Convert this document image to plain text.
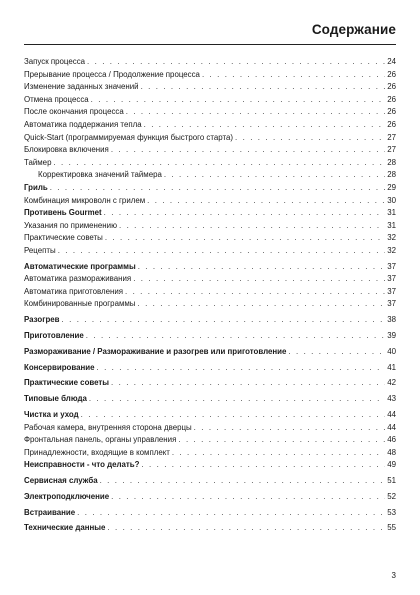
Содержание
Запуск процесса . . .	24
Прерывание процесса / Продолжение процесса . . .	26
Изменение заданных значений . . .	26
Отмена процесса . . .	26
После окончания процесса . . .	26
Автоматика поддержания тепла . . .	26
Quick-Start (программируемая функция быстрого старта) . . .	27
Блокировка включения . . .	27
Таймер . . .	28
Корректировка значений таймера . . .	28
Гриль . . .	29
Комбинация микроволн с грилем . . .	30
Противень Gourmet . . .	31
Указания по применению . . .	31
Практические советы . . .	32
Рецепты . . .	32
Автоматические программы . . .	37
Автоматика размораживания . . .	37
Автоматика приготовления . . .	37
Комбинированные программы . . .	37
Разогрев . . .	38
Приготовление . . .	39
Размораживание / Размораживание и разогрев или приготовление . . .	40
Консервирование . . .	41
Практические советы . . .	42
Типовые блюда . . .	43
Чистка и уход . . .	44
Рабочая камера, внутренняя сторона дверцы . . .	44
Фронтальная панель, органы управления . . .	46
Принадлежности, входящие в комплект . . .	48
Неисправности - что делать? . . .	49
Сервисная служба . . .	51
Электроподключение . . .	52
Встраивание . . .	53
Технические данные . . .	55
3
